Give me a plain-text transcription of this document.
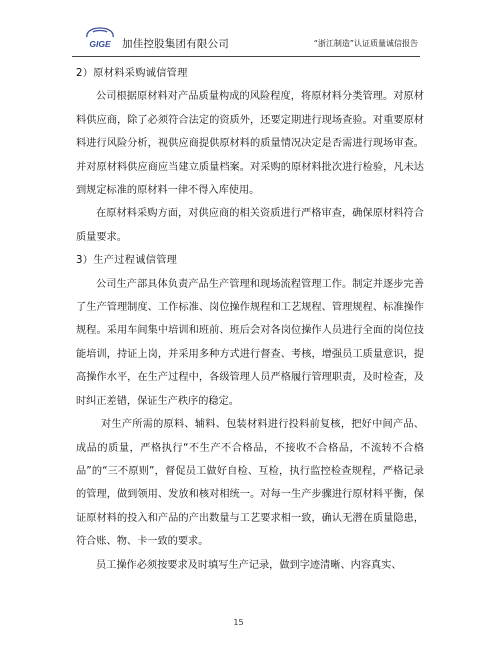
GIGE 加佳控股集团有限公司	“浙江制造”认证质量诚信报告

2）原材料采购诚信管理

公司根据原材料对产品质量构成的风险程度，将原材料分类管理。对原材料供应商，除了必须符合法定的资质外，还要定期进行现场查验。对重要原材料进行风险分析，视供应商提供原材料的质量情况决定是否需进行现场审查。并对原材料供应商应当建立质量档案。对采购的原材料批次进行检验，凡未达到规定标准的原材料一律不得入库使用。

在原材料采购方面，对供应商的相关资质进行严格审查，确保原材料符合质量要求。

3）生产过程诚信管理

公司生产部具体负责产品生产管理和现场流程管理工作。制定并逐步完善了生产管理制度、工作标准、岗位操作规程和工艺规程、管理规程、标准操作规程。采用车间集中培训和班前、班后会对各岗位操作人员进行全面的岗位技能培训，持证上岗，并采用多种方式进行督查、考核，增强员工质量意识，提高操作水平，在生产过程中，各级管理人员严格履行管理职责，及时检查，及时纠正差错，保证生产秩序的稳定。

对生产所需的原料、辅料、包装材料进行投料前复核，把好中间产品、成品的质量，严格执行“不生产不合格品，不接收不合格品，不流转不合格品”的“三不原则”，督促员工做好自检、互检，执行监控检查规程，严格记录的管理，做到领用、发放和核对相统一。对每一生产步骤进行原材料平衡，保证原材料的投入和产品的产出数量与工艺要求相一致，确认无潜在质量隐患，符合账、物、卡一致的要求。

员工操作必须按要求及时填写生产记录，做到字迹清晰、内容真实、

15
